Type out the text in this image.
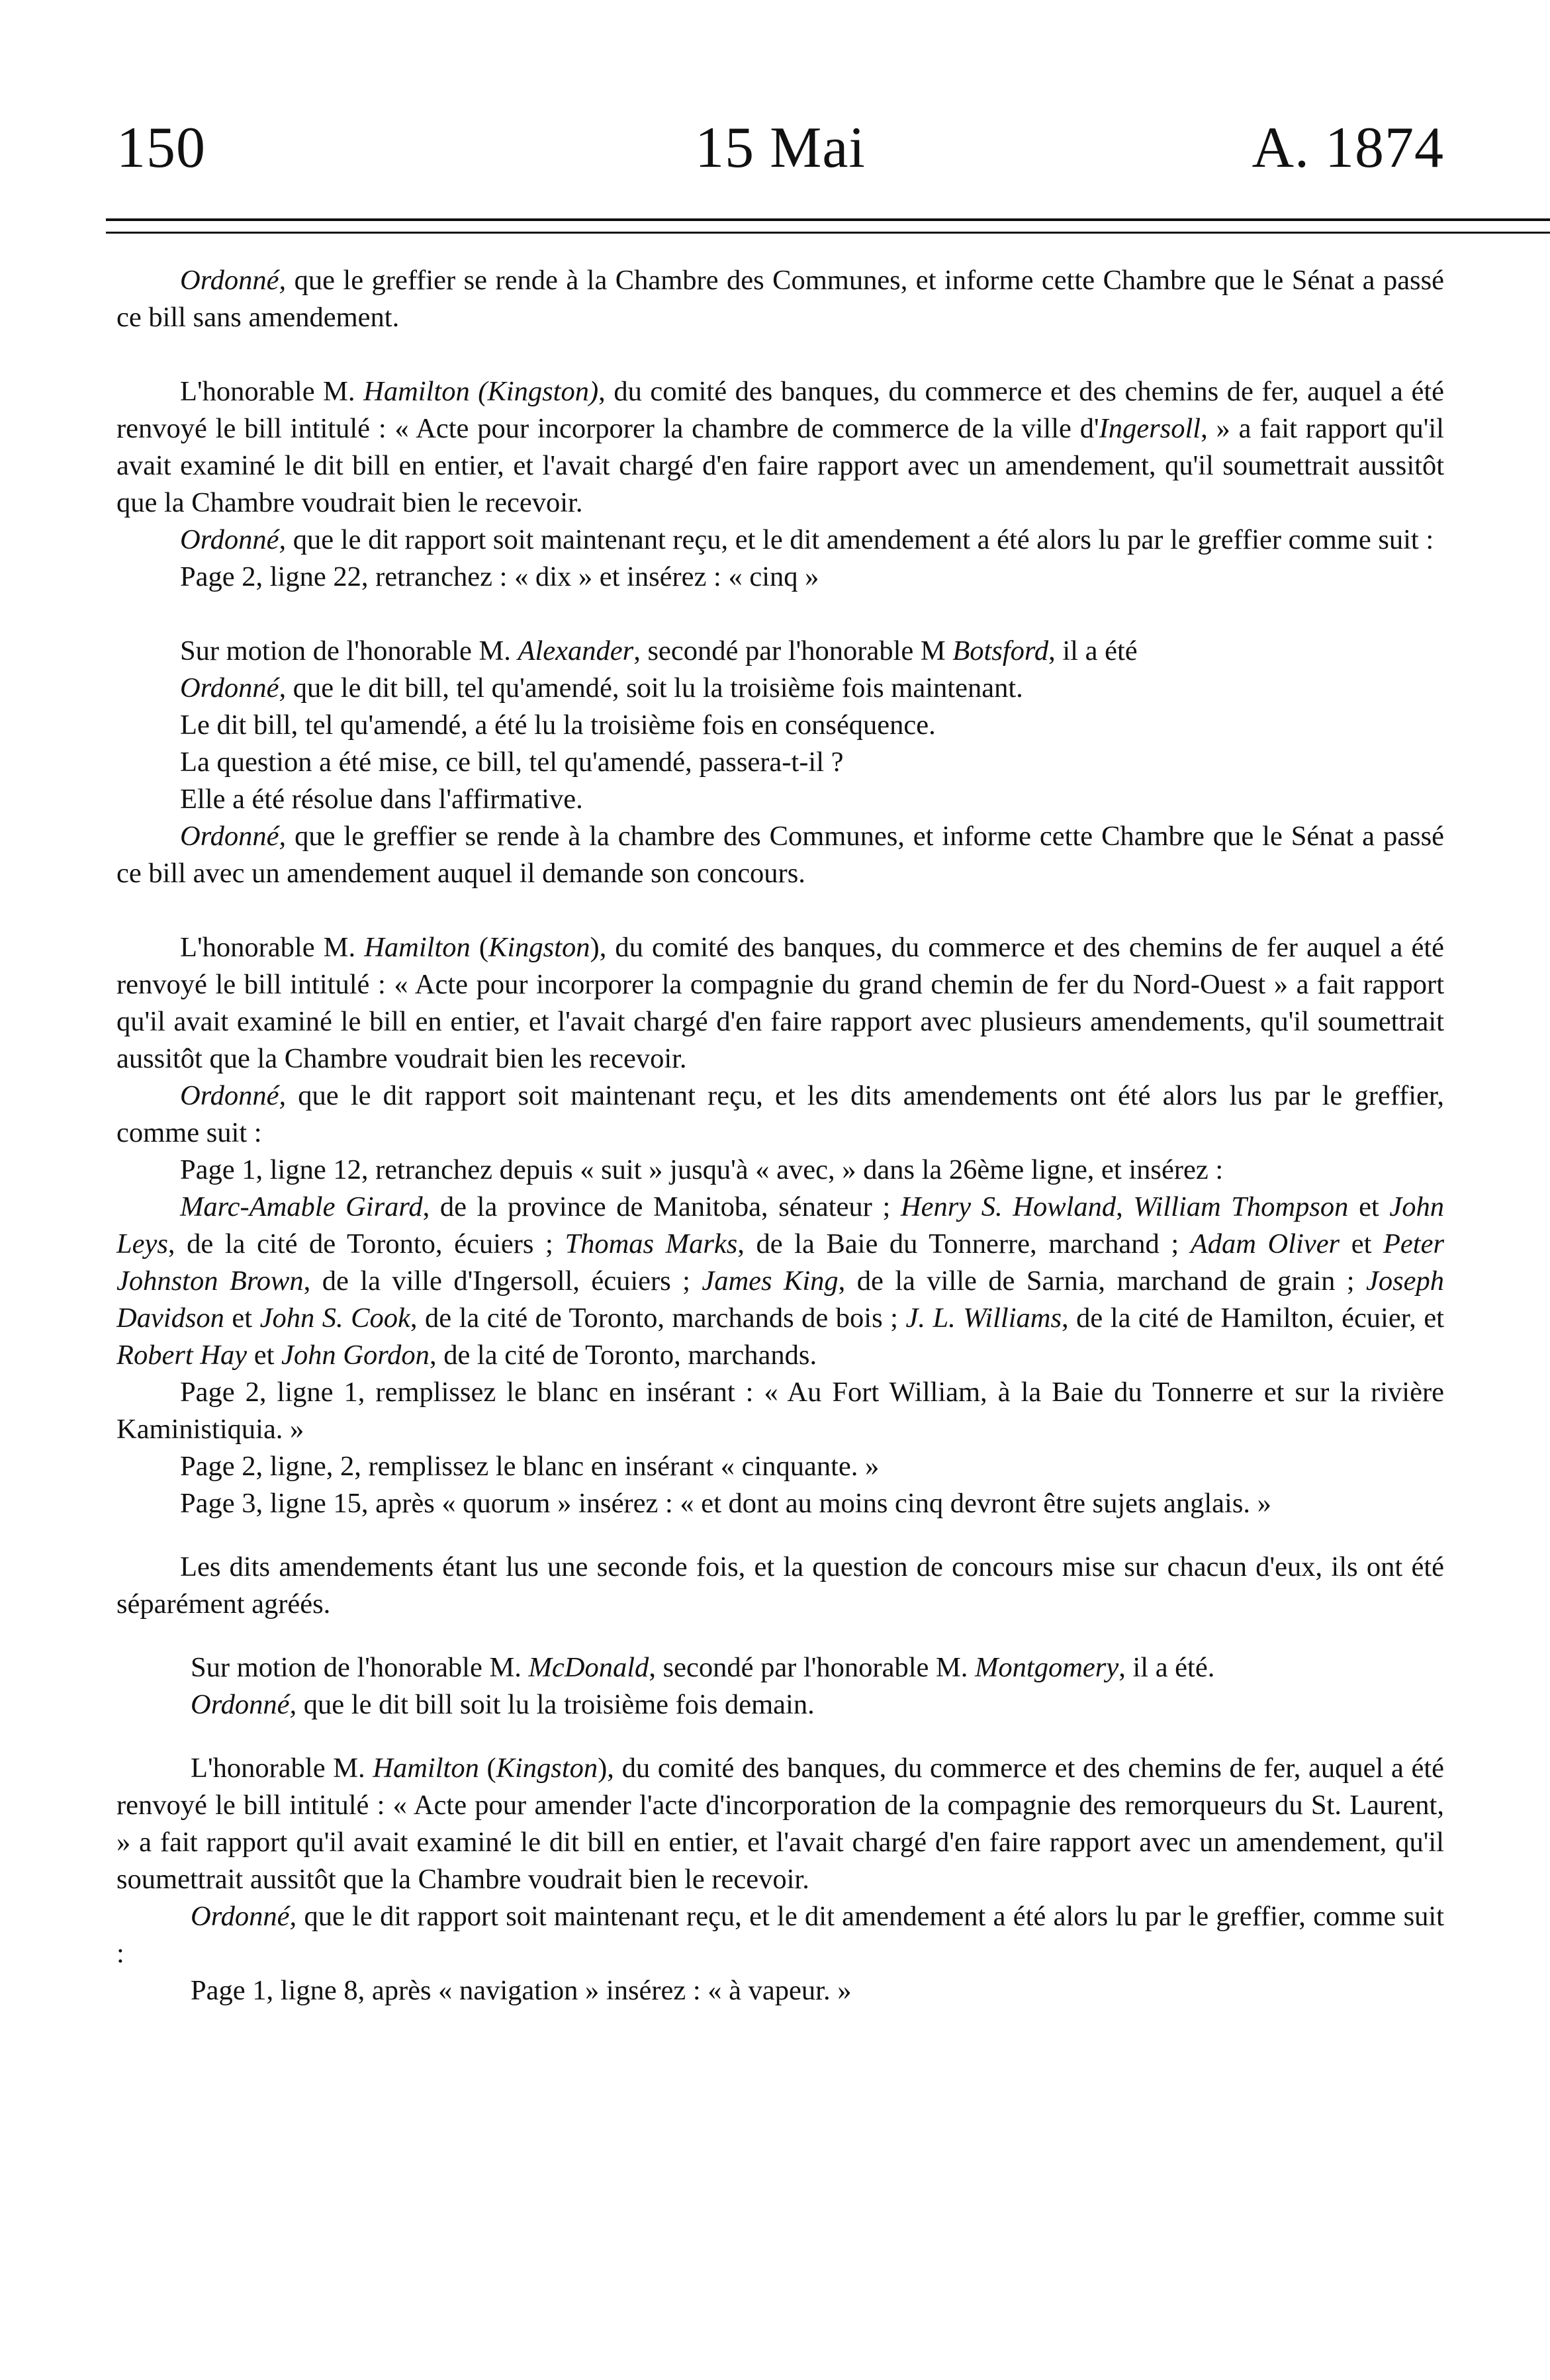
150	15 Mai	A. 1874

Ordonné, que le greffier se rende à la Chambre des Communes, et informe cette Chambre que le Sénat a passé ce bill sans amendement.

L'honorable M. Hamilton (Kingston), du comité des banques, du commerce et des chemins de fer, auquel a été renvoyé le bill intitulé : « Acte pour incorporer la chambre de commerce de la ville d'Ingersoll, » a fait rapport qu'il avait examiné le dit bill en entier, et l'avait chargé d'en faire rapport avec un amendement, qu'il soumettrait aussitôt que la Chambre voudrait bien le recevoir.

Ordonné, que le dit rapport soit maintenant reçu, et le dit amendement a été alors lu par le greffier comme suit :

Page 2, ligne 22, retranchez : « dix » et insérez : « cinq »

Sur motion de l'honorable M. Alexander, secondé par l'honorable M Botsford, il a été

Ordonné, que le dit bill, tel qu'amendé, soit lu la troisième fois maintenant.

Le dit bill, tel qu'amendé, a été lu la troisième fois en conséquence.

La question a été mise, ce bill, tel qu'amendé, passera-t-il ?

Elle a été résolue dans l'affirmative.

Ordonné, que le greffier se rende à la chambre des Communes, et informe cette Chambre que le Sénat a passé ce bill avec un amendement auquel il demande son concours.

L'honorable M. Hamilton (Kingston), du comité des banques, du commerce et des chemins de fer auquel a été renvoyé le bill intitulé : « Acte pour incorporer la compagnie du grand chemin de fer du Nord-Ouest » a fait rapport qu'il avait examiné le bill en entier, et l'avait chargé d'en faire rapport avec plusieurs amendements, qu'il soumettrait aussitôt que la Chambre voudrait bien les recevoir.

Ordonné, que le dit rapport soit maintenant reçu, et les dits amendements ont été alors lus par le greffier, comme suit :

Page 1, ligne 12, retranchez depuis « suit » jusqu'à « avec, » dans la 26ème ligne, et insérez :

Marc-Amable Girard, de la province de Manitoba, sénateur ; Henry S. Howland, William Thompson et John Leys, de la cité de Toronto, écuiers ; Thomas Marks, de la Baie du Tonnerre, marchand ; Adam Oliver et Peter Johnston Brown, de la ville d'Ingersoll, écuiers ; James King, de la ville de Sarnia, marchand de grain ; Joseph Davidson et John S. Cook, de la cité de Toronto, marchands de bois ; J. L. Williams, de la cité de Hamilton, écuier, et Robert Hay et John Gordon, de la cité de Toronto, marchands.

Page 2, ligne 1, remplissez le blanc en insérant : « Au Fort William, à la Baie du Tonnerre et sur la rivière Kaministiquia. »

Page 2, ligne, 2, remplissez le blanc en insérant « cinquante. »

Page 3, ligne 15, après « quorum » insérez : « et dont au moins cinq devront être sujets anglais. »

Les dits amendements étant lus une seconde fois, et la question de concours mise sur chacun d'eux, ils ont été séparément agréés.

Sur motion de l'honorable M. McDonald, secondé par l'honorable M. Montgomery, il a été.

Ordonné, que le dit bill soit lu la troisième fois demain.

L'honorable M. Hamilton (Kingston), du comité des banques, du commerce et des chemins de fer, auquel a été renvoyé le bill intitulé : « Acte pour amender l'acte d'incorporation de la compagnie des remorqueurs du St. Laurent, » a fait rapport qu'il avait examiné le dit bill en entier, et l'avait chargé d'en faire rapport avec un amendement, qu'il soumettrait aussitôt que la Chambre voudrait bien le recevoir.

Ordonné, que le dit rapport soit maintenant reçu, et le dit amendement a été alors lu par le greffier, comme suit :

Page 1, ligne 8, après « navigation » insérez : « à vapeur. »
